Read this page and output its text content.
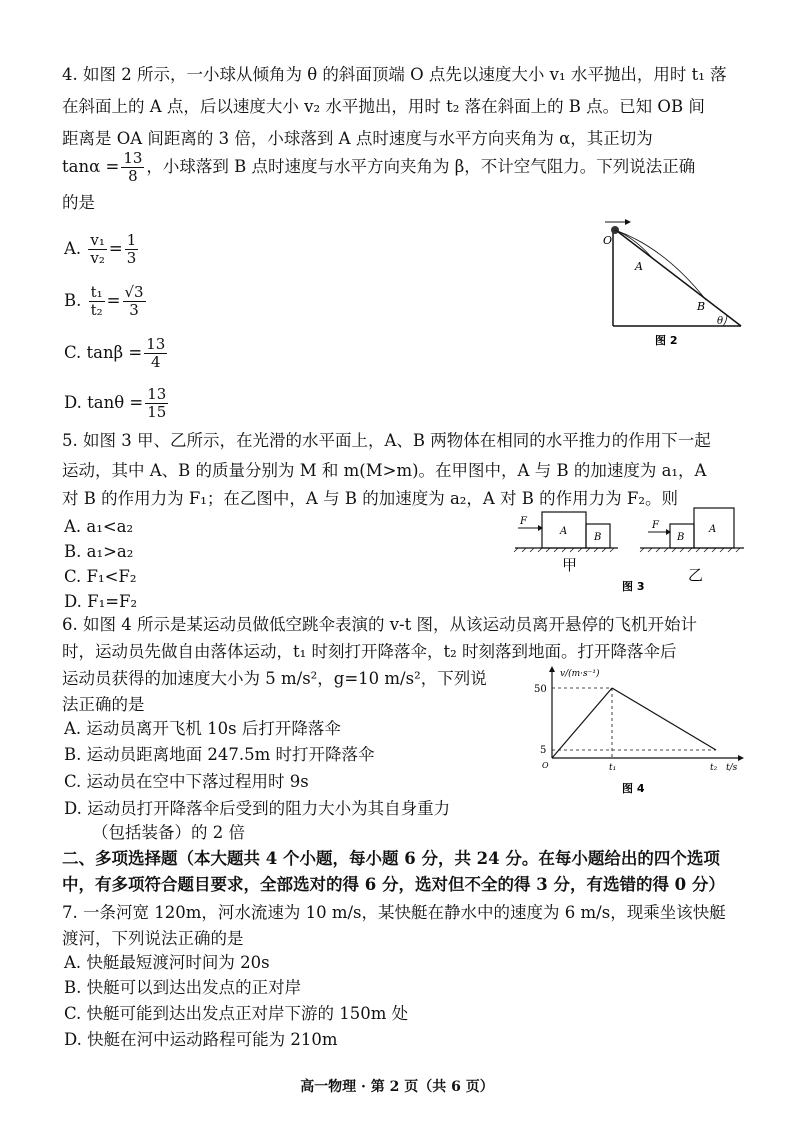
4. 如图 2 所示，一小球从倾角为 θ 的斜面顶端 O 点先以速度大小 v₁ 水平抛出，用时 t₁ 落
在斜面上的 A 点，后以速度大小 v₂ 水平抛出，用时 t₂ 落在斜面上的 B 点。已知 OB 间
距离是 OA 间距离的 3 倍，小球落到 A 点时速度与水平方向夹角为 α，其正切为
$\tan\alpha = \frac{13}{8}$ ，小球落到 B 点时速度与水平方向夹角为 β，不计空气阻力。下列说法正确
的是
A. $\frac{\text{v₁}}{\text{v₂}} = \frac{1}{3}$
B. $\frac{\text{t₁}}{\text{t₂}} = \frac{√3}{3}$
C. $\tan\beta = \frac{13}{4}$
D. $\tan\theta = \frac{13}{15}$
O
A
B
θ
图 2
5. 如图 3 甲、乙所示，在光滑的水平面上，A、B 两物体在相同的水平推力的作用下一起
运动，其中 A、B 的质量分别为 M 和 m(M>m)。在甲图中，A 与 B 的加速度为 a₁，A
对 B 的作用力为 F₁；在乙图中，A 与 B 的加速度为 a₂，A 对 B 的作用力为 F₂。则
A. a₁<a₂
B. a₁>a₂
C. F₁<F₂
D. F₁=F₂
F
A
B
甲
F
B
A
乙
图 3
6. 如图 4 所示是某运动员做低空跳伞表演的 v-t 图，从该运动员离开悬停的飞机开始计
时，运动员先做自由落体运动，t₁ 时刻打开降落伞，t₂ 时刻落到地面。打开降落伞后
运动员获得的加速度大小为 5 m/s²，g=10 m/s²，下列说
法正确的是
A. 运动员离开飞机 10s 后打开降落伞
B. 运动员距离地面 247.5m 时打开降落伞
C. 运动员在空中下落过程用时 9s
D. 运动员打开降落伞后受到的阻力大小为其自身重力
（包括装备）的 2 倍
v/(m·s⁻¹)
50
5
O	t₁	t₂ t/s
图 4
二、多项选择题（本大题共 4 个小题，每小题 6 分，共 24 分。在每小题给出的四个选项
中，有多项符合题目要求，全部选对的得 6 分，选对但不全的得 3 分，有选错的得 0 分）
7. 一条河宽 120m，河水流速为 10 m/s，某快艇在静水中的速度为 6 m/s，现乘坐该快艇
渡河，下列说法正确的是
A. 快艇最短渡河时间为 20s
B. 快艇可以到达出发点的正对岸
C. 快艇可能到达出发点正对岸下游的 150m 处
D. 快艇在河中运动路程可能为 210m
高一物理 · 第 2 页（共 6 页）
